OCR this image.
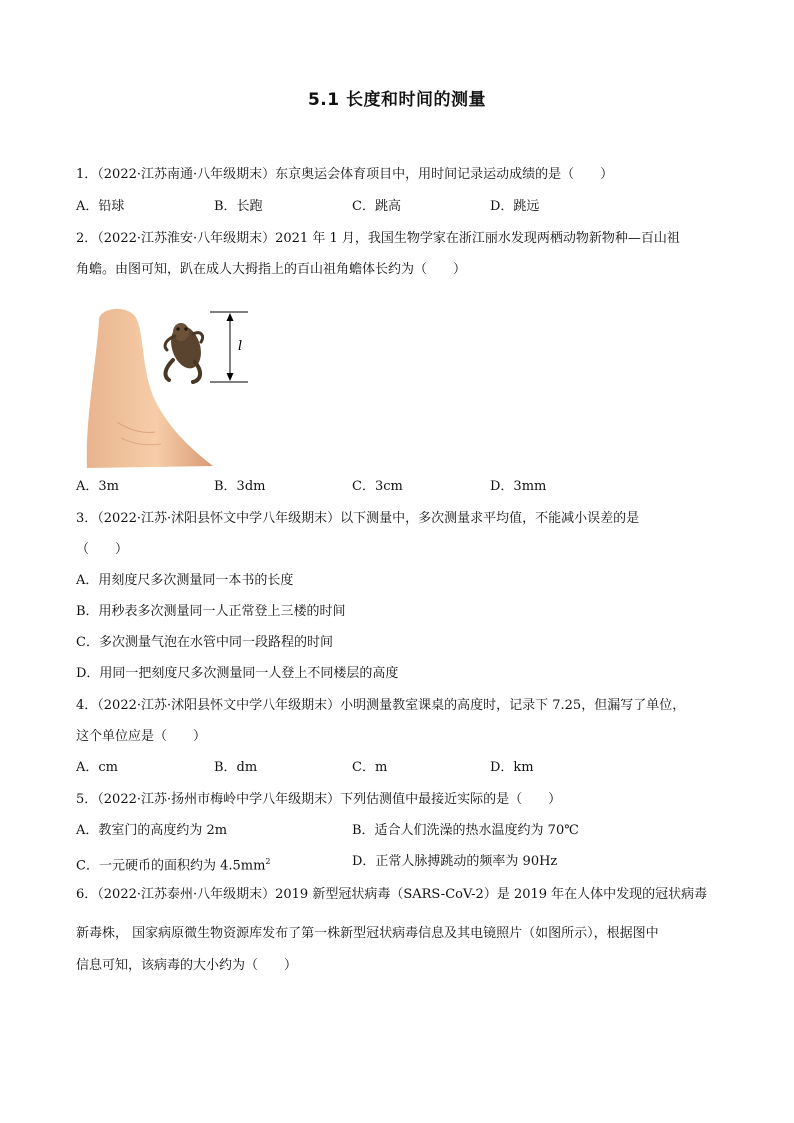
5.1 长度和时间的测量
1．（2022·江苏南通·八年级期末）东京奥运会体育项目中，用时间记录运动成绩的是（　　）
A．铅球	B．长跑	C．跳高	D．跳远
2．（2022·江苏淮安·八年级期末）2021 年 1 月，我国生物学家在浙江丽水发现两栖动物新物种—百山祖
角蟾。由图可知，趴在成人大拇指上的百山祖角蟾体长约为（　　）
l
A．3m	B．3dm	C．3cm	D．3mm
3．（2022·江苏·沭阳县怀文中学八年级期末）以下测量中，多次测量求平均值，不能减小误差的是
（　　）
A．用刻度尺多次测量同一本书的长度
B．用秒表多次测量同一人正常登上三楼的时间
C．多次测量气泡在水管中同一段路程的时间
D．用同一把刻度尺多次测量同一人登上不同楼层的高度
4．（2022·江苏·沭阳县怀文中学八年级期末）小明测量教室课桌的高度时，记录下 7.25，但漏写了单位，
这个单位应是（　　）
A．cm	B．dm	C．m	D．km
5．（2022·江苏·扬州市梅岭中学八年级期末）下列估测值中最接近实际的是（　　）
A．教室门的高度约为 2m	B．适合人们洗澡的热水温度约为 70℃
C．一元硬币的面积约为 $4.5mm^2$	D．正常人脉搏跳动的频率为 90Hz
6．（2022·江苏泰州·八年级期末）2019 新型冠状病毒（SARS-CoV-2）是 2019 年在人体中发现的冠状病毒
新毒株， 国家病原微生物资源库发布了第一株新型冠状病毒信息及其电镜照片（如图所示），根据图中
信息可知，该病毒的大小约为（　　）
